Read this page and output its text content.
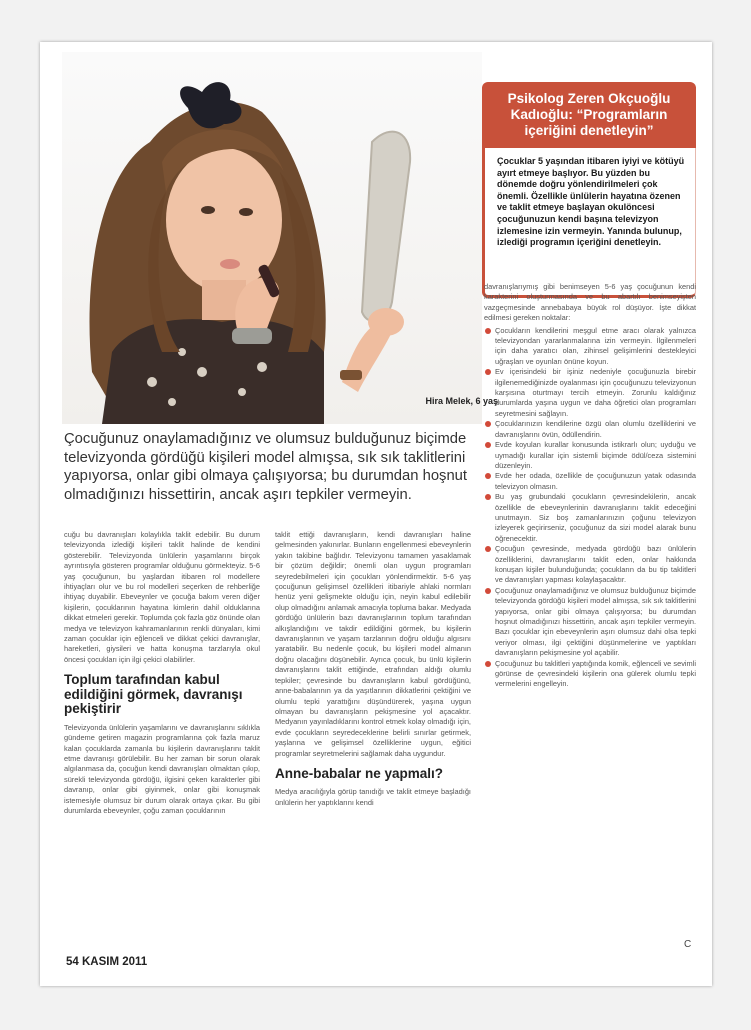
Hira Melek, 6 yaş
Psikolog Zeren Okçuoğlu Kadıoğlu: “Programların içeriğini denetleyin”
Çocuklar 5 yaşından itibaren iyiyi ve kötüyü ayırt etmeye başlıyor. Bu yüzden bu dönemde doğru yönlendirilmeleri çok önemli. Özellikle ünlülerin hayatına özenen ve taklit etmeye başlayan okulöncesi çocuğunuzun kendi başına televizyon izlemesine izin vermeyin. Yanında bulunup, izlediği programın içeriğini denetleyin.
Çocuğunuz onaylamadığınız ve olumsuz bulduğunuz biçimde televizyonda gördüğü kişileri model almışsa, sık sık taklitlerini yapıyorsa, onlar gibi olmaya çalışıyorsa; bu durumdan hoşnut olmadığınızı hissettirin, ancak aşırı tepkiler vermeyin.

cuğu bu davranışları kolaylıkla taklit edebilir. Bu durum televizyonda izlediği kişileri taklit halinde de kendini gösterebilir. Televizyonda ünlülerin yaşamlarını birçok ayrıntısıyla gösteren programlar olduğunu görmekteyiz. 5-6 yaş çocuğunun, bu yaşlardan itibaren rol modellere ihtiyaçları olur ve bu rol modelleri seçerken de rehberliğe ihtiyaç duyabilir. Ebeveynler ve çocuğa bakım veren diğer kişilerin, çocuklarının hayatına kimlerin dahil olduklarına dikkat etmeleri gerekir. Toplumda çok fazla göz önünde olan medya ve televizyon kahramanlarının renkli dünyaları, kimi zaman çocuklar için eğlenceli ve dikkat çekici davranışlar, hareketleri, giysileri ve hatta konuşma tarzlarıyla okul öncesi çocukları için ilgi çekici olabilirler.

Toplum tarafından kabul edildiğini görmek, davranışı pekiştirir

Televizyonda ünlülerin yaşamlarını ve davranışlarını sıklıkla gündeme getiren magazin programlarına çok fazla maruz kalan çocuklarda zamanla bu kişilerin davranışlarını taklit etme davranışı görülebilir. Bu her zaman bir sorun olarak algılanmasa da, çocuğun kendi davranışları olmaktan çıkıp, sürekli televizyonda gördüğü, ilgisini çeken karakterler gibi davranıp, onlar gibi giyinmek, onlar gibi konuşmak istemesiyle olumsuz bir durum olarak ortaya çıkar. Bu gibi durumlarda ebeveynler, çoğu zaman çocuklarının

taklit ettiği davranışların, kendi davranışları haline gelmesinden yakınırlar. Bunların engellenmesi ebeveynlerin yakın takibine bağlıdır. Televizyonu tamamen yasaklamak bir çözüm değildir; önemli olan uygun programları seyredebilmeleri için çocukları yönlendirmektir. 5-6 yaş çocuğunun gelişimsel özellikleri itibariyle ahlaki normları henüz yeni gelişmekte olduğu için, neyin kabul edilebilir olup olmadığını anlamak amacıyla topluma bakar. Medyada gördüğü ünlülerin bazı davranışlarının toplum tarafından alkışlandığını ve takdir edildiğini görmek, bu kişilerin davranışlarının ve yaşam tarzlarının doğru olduğu algısını yaratabilir. Bu nedenle çocuk, bu kişileri model almanın doğru olacağını düşünebilir. Ayrıca çocuk, bu ünlü kişilerin davranışlarını taklit ettiğinde, etrafından aldığı olumlu tepkiler; çevresinde bu davranışların kabul gördüğünü, anne-babalarının ya da yaşıtlarının dikkatlerini çektiğini ve olumlu tepki yarattığını düşündürerek, yaşına uygun olmayan bu davranışların pekişmesine yol açacaktır. Medyanın yayınladıklarını kontrol etmek kolay olmadığı için, evde çocukların seyredeceklerine belirli sınırlar getirmek, yaşlarına ve gelişimsel özelliklerine uygun, eğitici programlar seyretmelerini sağlamak daha uygundur.

Anne-babalar ne yapmalı?

Medya aracılığıyla görüp tanıdığı ve taklit etmeye başladığı ünlülerin her yaptıklarını kendi

davranışlarıymış gibi benimseyen 5-6 yaş çocuğunun kendi karakterini oluşturmasında ve bu abartılı benimseyişten vazgeçmesinde annebabaya büyük rol düşüyor. İşte dikkat edilmesi gereken noktalar:

Çocukların kendilerini meşgul etme aracı olarak yalnızca televizyondan yararlanmalarına izin vermeyin. İlgilenmeleri için daha yaratıcı olan, zihinsel gelişimlerini destekleyici uğraşları ve oyunları önüne koyun.
Ev içerisindeki bir işiniz nedeniyle çocuğunuzla birebir ilgilenemediğinizde oyalanması için çocuğunuzu televizyonun karşısına oturtmayı tercih etmeyin. Zorunlu kaldığınız durumlarda yaşına uygun ve daha öğretici olan programları seyretmesini sağlayın.
Çocuklarınızın kendilerine özgü olan olumlu özelliklerini ve davranışlarını övün, ödüllendirin.
Evde koyulan kurallar konusunda istikrarlı olun; uyduğu ve uymadığı kurallar için sistemli biçimde ödül/ceza sistemini düzenleyin.
Evde her odada, özellikle de çocuğunuzun yatak odasında televizyon olmasın.
Bu yaş grubundaki çocukların çevresindekilerin, ancak özellikle de ebeveynlerinin davranışlarını taklit edeceğini unutmayın. Siz boş zamanlarınızın çoğunu televizyon izleyerek geçirirseniz, çocuğunuz da sizi model alarak bunu öğrenecektir.
Çocuğun çevresinde, medyada gördüğü bazı ünlülerin özelliklerini, davranışlarını taklit eden, onlar hakkında konuşan kişiler bulunduğunda; çocukların da bu tip taklitleri ve davranışları yapması kolaylaşacaktır.
Çocuğunuz onaylamadığınız ve olumsuz bulduğunuz biçimde televizyonda gördüğü kişileri model almışsa, sık sık taklitlerini yapıyorsa, onlar gibi olmaya çalışıyorsa; bu durumdan hoşnut olmadığınızı hissettirin, ancak aşırı tepkiler vermeyin. Bazı çocuklar için ebeveynlerin aşırı olumsuz dahi olsa tepki veriyor olması, ilgi çektiğini düşünmelerine ve yaptıkları davranışların pekişmesine yol açabilir.
Çocuğunuz bu taklitleri yaptığında komik, eğlenceli ve sevimli görünse de çevresindeki kişilerin ona gülerek olumlu tepki vermelerini engelleyin.
C
54 KASIM 2011
